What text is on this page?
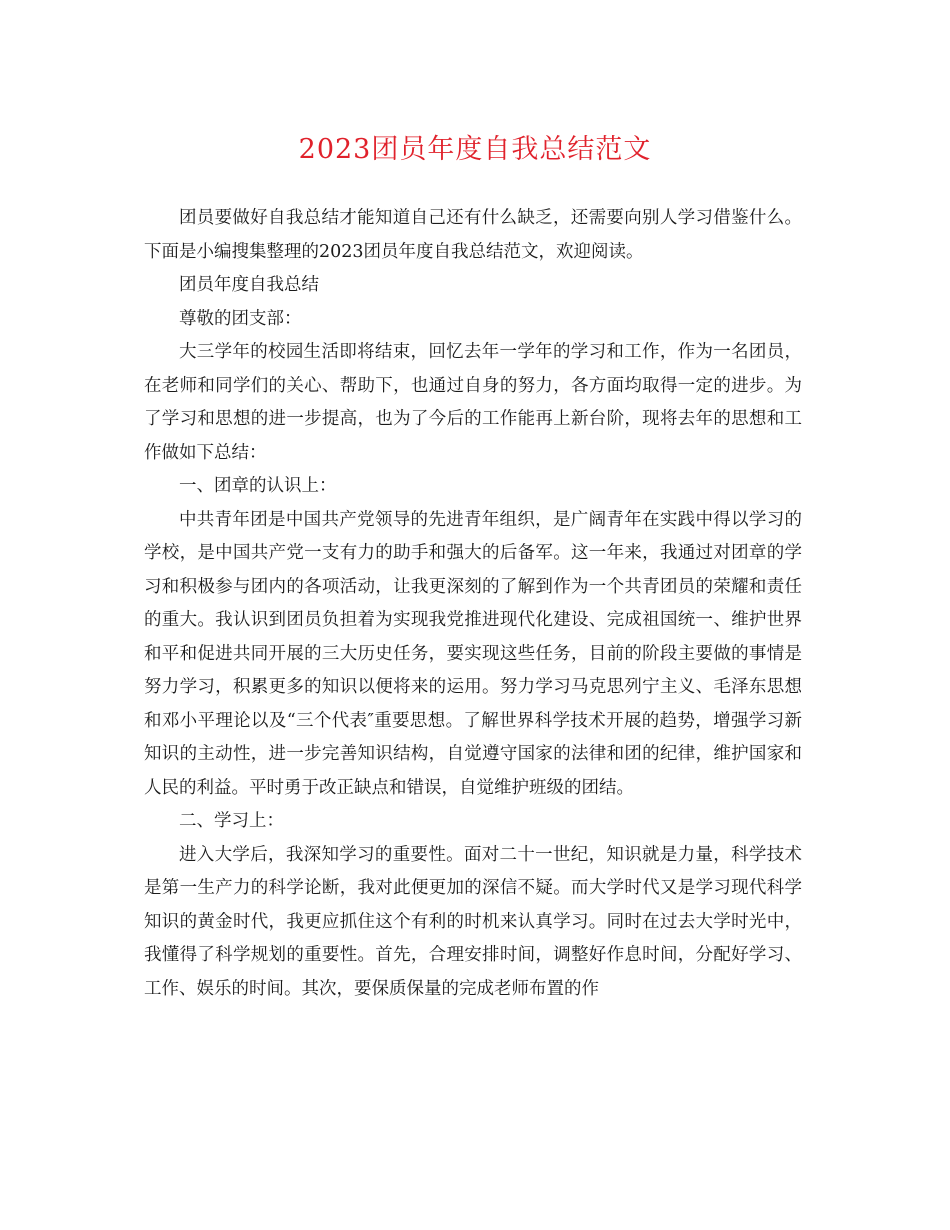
2023团员年度自我总结范文

团员要做好自我总结才能知道自己还有什么缺乏，还需要向别人学习借鉴什么。下面是小编搜集整理的2023团员年度自我总结范文，欢迎阅读。

团员年度自我总结

尊敬的团支部：

大三学年的校园生活即将结束，回忆去年一学年的学习和工作，作为一名团员，在老师和同学们的关心、帮助下，也通过自身的努力，各方面均取得一定的进步。为了学习和思想的进一步提高，也为了今后的工作能再上新台阶，现将去年的思想和工作做如下总结：

一、团章的认识上：

中共青年团是中国共产党领导的先进青年组织，是广阔青年在实践中得以学习的学校，是中国共产党一支有力的助手和强大的后备军。这一年来，我通过对团章的学习和积极参与团内的各项活动，让我更深刻的了解到作为一个共青团员的荣耀和责任的重大。我认识到团员负担着为实现我党推进现代化建设、完成祖国统一、维护世界和平和促进共同开展的三大历史任务，要实现这些任务，目前的阶段主要做的事情是努力学习，积累更多的知识以便将来的运用。努力学习马克思列宁主义、毛泽东思想和邓小平理论以及“三个代表″重要思想。了解世界科学技术开展的趋势，增强学习新知识的主动性，进一步完善知识结构，自觉遵守国家的法律和团的纪律，维护国家和人民的利益。平时勇于改正缺点和错误，自觉维护班级的团结。

二、学习上：

进入大学后，我深知学习的重要性。面对二十一世纪，知识就是力量，科学技术是第一生产力的科学论断，我对此便更加的深信不疑。而大学时代又是学习现代科学知识的黄金时代，我更应抓住这个有利的时机来认真学习。同时在过去大学时光中，我懂得了科学规划的重要性。首先，合理安排时间，调整好作息时间，分配好学习、工作、娱乐的时间。其次，要保质保量的完成老师布置的作
